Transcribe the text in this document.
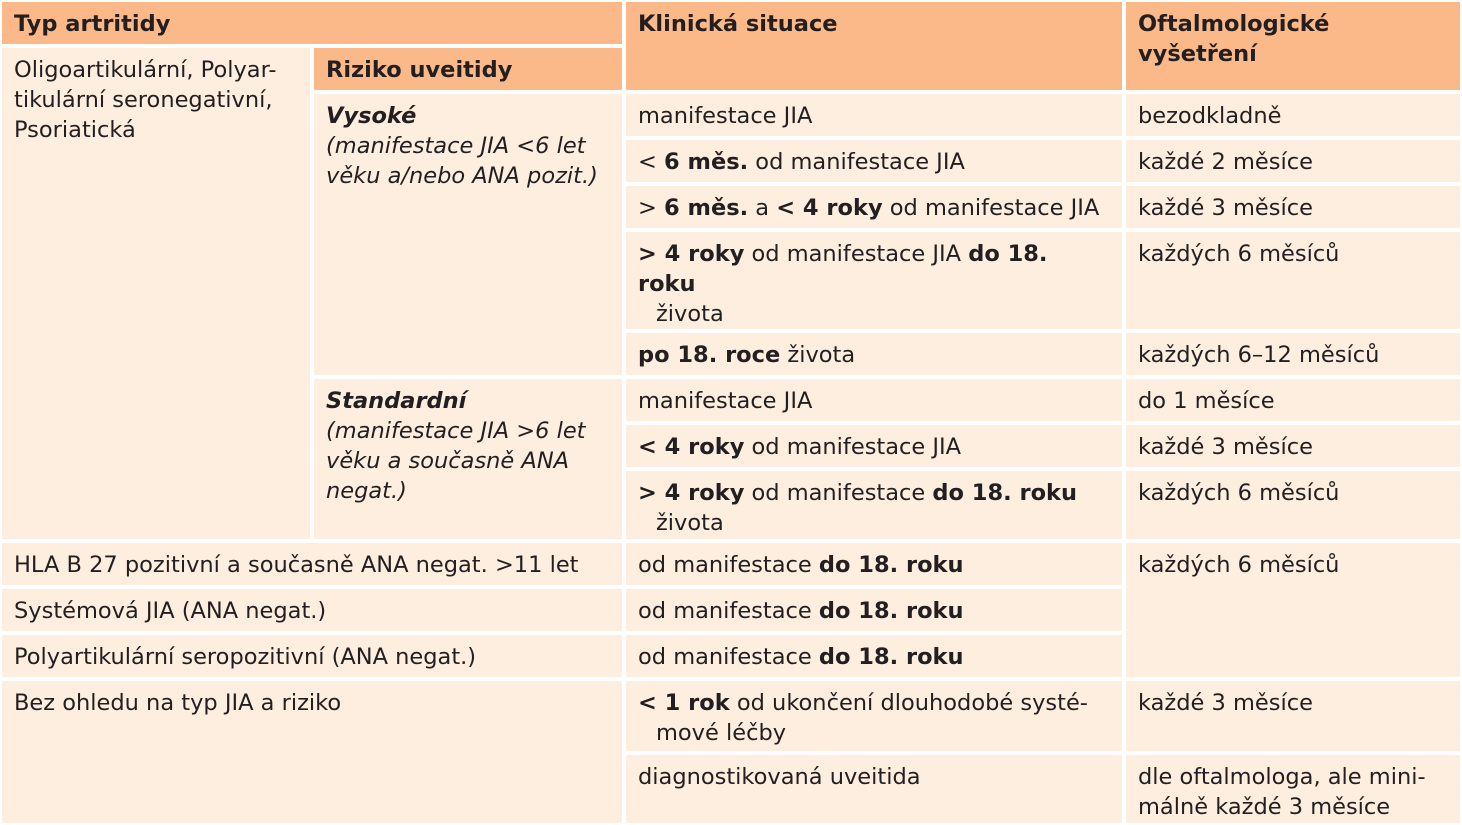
Typ artritidy		Klinická situace	Oftalmologické
vyšetření

Oligoartikulární, Polyar-
tikulární seronegativní,
Psoriatická	Riziko uveitidy		

	Vysoké
(manifestace JIA <6 let
věku a/nebo ANA pozit.)	manifestace JIA	bezodkladně
		< 6 měs. od manifestace JIA	každé 2 měsíce
		> 6 měs. a < 4 roky od manifestace JIA	každé 3 měsíce
		> 4 roky od manifestace JIA do 18. roku
života	každých 6 měsíců
		po 18. roce života	každých 6–12 měsíců

	Standardní
(manifestace JIA >6 let
věku a současně ANA
negat.)	manifestace JIA	do 1 měsíce
		< 4 roky od manifestace JIA	každé 3 měsíce
		> 4 roky od manifestace do 18. roku
života	každých 6 měsíců
HLA B 27 pozitivní a současně ANA negat. >11 let		od manifestace do 18. roku	každých 6 měsíců
Systémová JIA (ANA negat.)		od manifestace do 18. roku	
Polyartikulární seropozitivní (ANA negat.)		od manifestace do 18. roku	
Bez ohledu na typ JIA a riziko		< 1 rok od ukončení dlouhodobé systé-
mové léčby	každé 3 měsíce
		diagnostikovaná uveitida	dle oftalmologa, ale mini-
málně každé 3 měsíce
